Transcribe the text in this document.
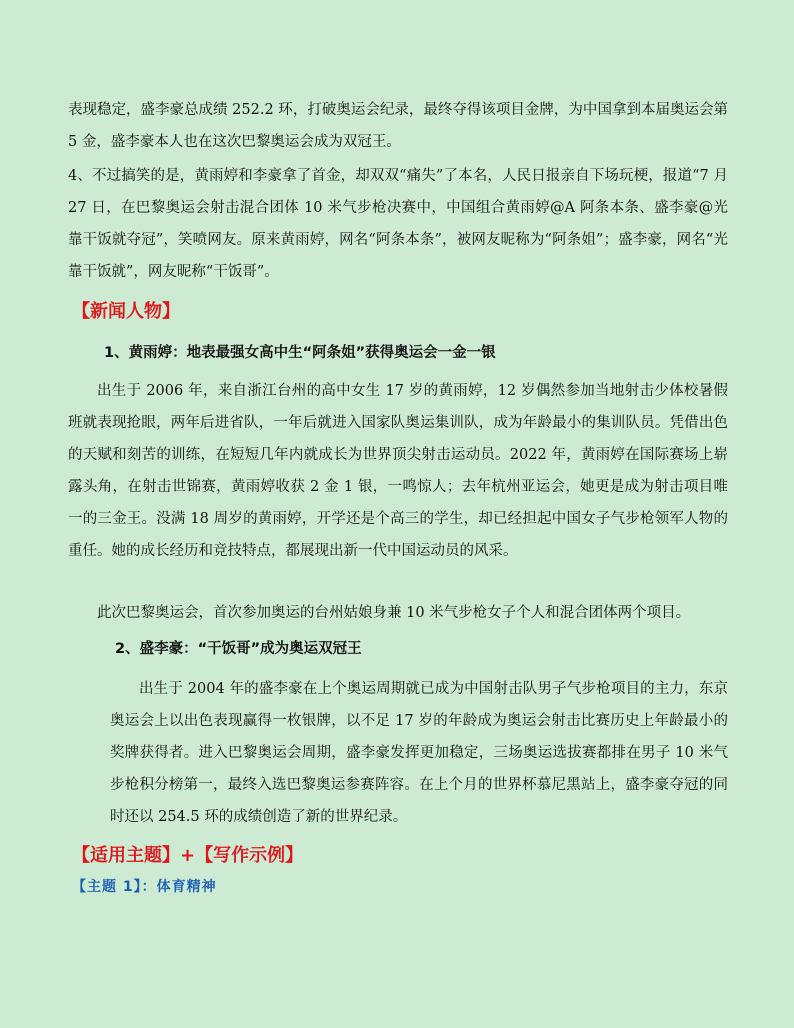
表现稳定，盛李豪总成绩 252.2 环，打破奥运会纪录，最终夺得该项目金牌，为中国拿到本届奥运会第 5 金，盛李豪本人也在这次巴黎奥运会成为双冠王。

4、不过搞笑的是，黄雨婷和李豪拿了首金，却双双“痛失”了本名，人民日报亲自下场玩梗，报道“7 月 27 日，在巴黎奥运会射击混合团体 10 米气步枪决赛中，中国组合黄雨婷@A 阿条本条、盛李豪@光靠干饭就夺冠”，笑喷网友。原来黄雨婷，网名“阿条本条”，被网友昵称为“阿条姐”；盛李豪，网名“光靠干饭就”，网友昵称“干饭哥”。

【新闻人物】
1、黄雨婷：地表最强女高中生“阿条姐”获得奥运会一金一银

出生于 2006 年，来自浙江台州的高中女生 17 岁的黄雨婷，12 岁偶然参加当地射击少体校暑假班就表现抢眼，两年后进省队，一年后就进入国家队奥运集训队，成为年龄最小的集训队员。凭借出色的天赋和刻苦的训练，在短短几年内就成长为世界顶尖射击运动员。2022 年，黄雨婷在国际赛场上崭露头角，在射击世锦赛，黄雨婷收获 2 金 1 银，一鸣惊人；去年杭州亚运会，她更是成为射击项目唯一的三金王。没满 18 周岁的黄雨婷，开学还是个高三的学生，却已经担起中国女子气步枪领军人物的重任。她的成长经历和竞技特点，都展现出新一代中国运动员的风采。

此次巴黎奥运会，首次参加奥运的台州姑娘身兼 10 米气步枪女子个人和混合团体两个项目。

2、盛李豪：“干饭哥”成为奥运双冠王

出生于 2004 年的盛李豪在上个奥运周期就已成为中国射击队男子气步枪项目的主力，东京奥运会上以出色表现赢得一枚银牌，以不足 17 岁的年龄成为奥运会射击比赛历史上年龄最小的奖牌获得者。进入巴黎奥运会周期，盛李豪发挥更加稳定，三场奥运选拔赛都排在男子 10 米气步枪积分榜第一，最终入选巴黎奥运参赛阵容。在上个月的世界杯慕尼黑站上，盛李豪夺冠的同时还以 254.5 环的成绩创造了新的世界纪录。

【适用主题】+【写作示例】
【主题 1】：体育精神
